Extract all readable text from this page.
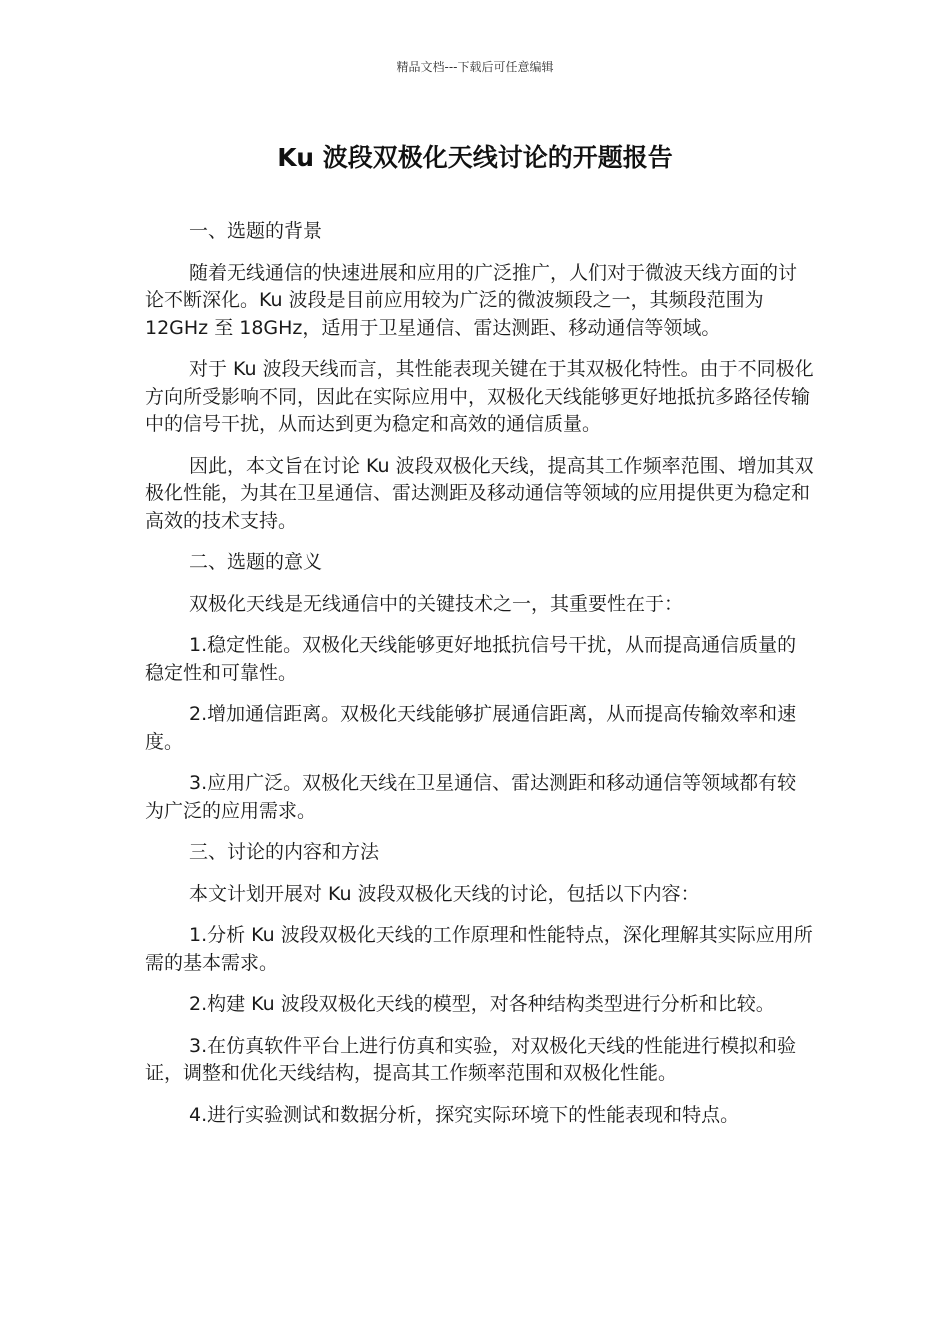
精品文档---下载后可任意编辑
Ku 波段双极化天线讨论的开题报告

一、选题的背景

随着无线通信的快速进展和应用的广泛推广，人们对于微波天线方面的讨论不断深化。Ku 波段是目前应用较为广泛的微波频段之一，其频段范围为 12GHz 至 18GHz，适用于卫星通信、雷达测距、移动通信等领域。

对于 Ku 波段天线而言，其性能表现关键在于其双极化特性。由于不同极化方向所受影响不同，因此在实际应用中，双极化天线能够更好地抵抗多路径传输中的信号干扰，从而达到更为稳定和高效的通信质量。

因此，本文旨在讨论 Ku 波段双极化天线，提高其工作频率范围、增加其双极化性能，为其在卫星通信、雷达测距及移动通信等领域的应用提供更为稳定和高效的技术支持。

二、选题的意义

双极化天线是无线通信中的关键技术之一，其重要性在于：

1.稳定性能。双极化天线能够更好地抵抗信号干扰，从而提高通信质量的稳定性和可靠性。

2.增加通信距离。双极化天线能够扩展通信距离，从而提高传输效率和速度。

3.应用广泛。双极化天线在卫星通信、雷达测距和移动通信等领域都有较为广泛的应用需求。

三、讨论的内容和方法

本文计划开展对 Ku 波段双极化天线的讨论，包括以下内容：

1.分析 Ku 波段双极化天线的工作原理和性能特点，深化理解其实际应用所需的基本需求。

2.构建 Ku 波段双极化天线的模型，对各种结构类型进行分析和比较。

3.在仿真软件平台上进行仿真和实验，对双极化天线的性能进行模拟和验证，调整和优化天线结构，提高其工作频率范围和双极化性能。

4.进行实验测试和数据分析，探究实际环境下的性能表现和特点。
